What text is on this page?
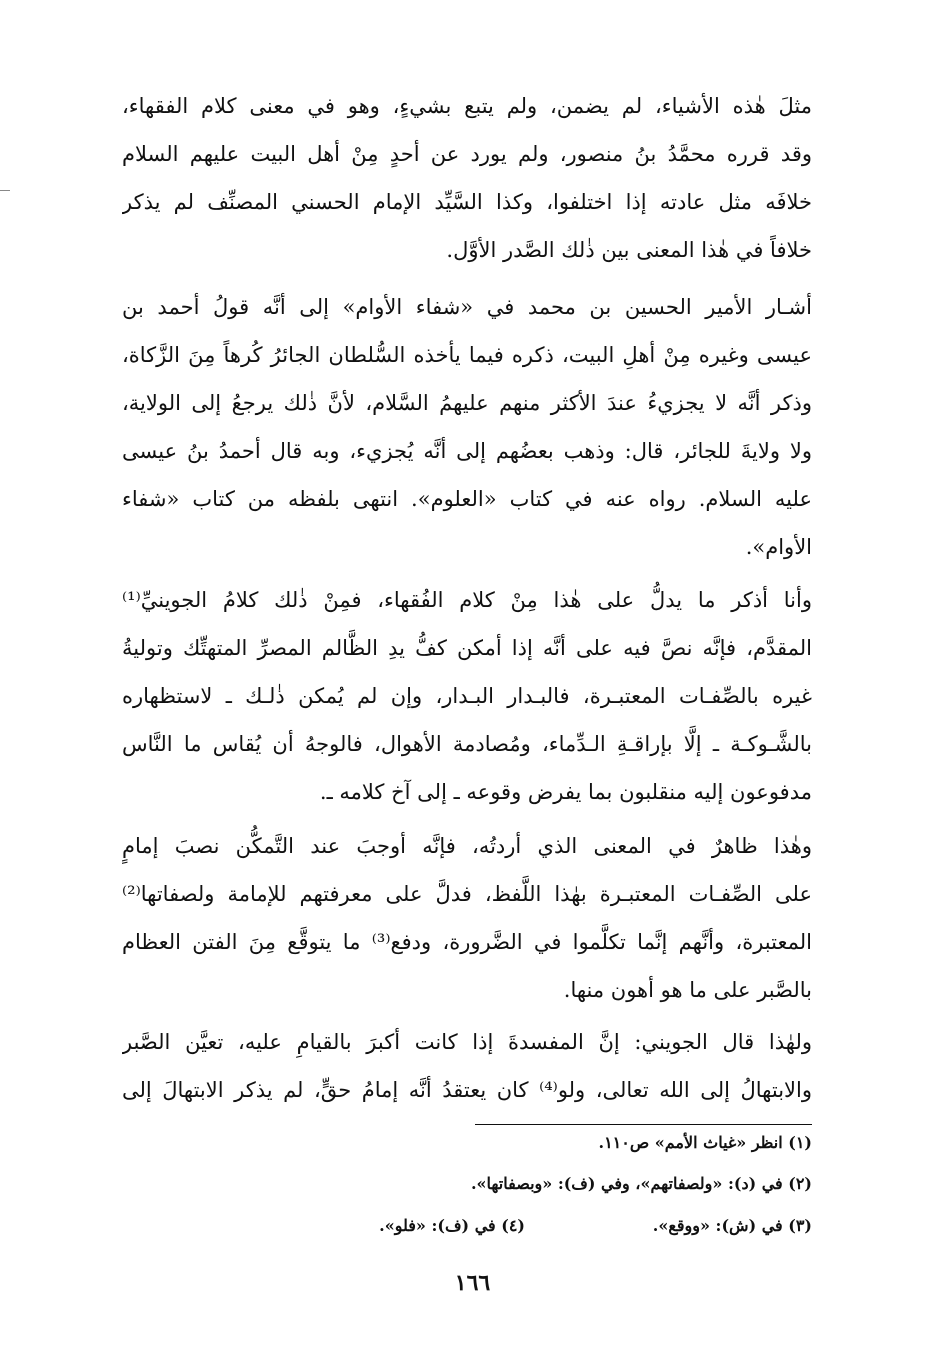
مثلَ هٰذه الأشياء، لم يضمن، ولم يتبع بشيءٍ، وهو في معنى كلام الفقهاء،
وقد قرره محمَّدُ بنُ منصور، ولم يورد عن أحدٍ مِنْ أهل البيت عليهم السلام
خلافَه مثل عادته إذا اختلفوا، وكذا السَّيِّد الإمام الحسني المصنِّف لم يذكر
خلافاً في هٰذا المعنى بين ذٰلك الصَّدر الأوَّل.
أشـار الأمير الحسين بن محمد في «شفاء الأوام» إلى أنَّه قولُ أحمد بن
عيسى وغيره مِنْ أهلِ البيت، ذكره فيما يأخذه السُّلطان الجائرُ كُرهاً مِنَ الزَّكاة،
وذكر أنَّه لا يجزيءُ عندَ الأكثر منهم عليهمُ السَّلام، لأنَّ ذٰلك يرجعُ إلى الولاية،
ولا ولايةَ للجائر، قال: وذهب بعضُهم إلى أنَّه يُجزيء، وبه قال أحمدُ بنُ عيسى
عليه السلام. رواه عنه في كتاب «العلوم». انتهى بلفظه من كتاب «شفاء
الأوام».
وأنا أذكر ما يدلُّ على هٰذا مِنْ كلام الفُقهاء، فمِنْ ذٰلك كلامُ الجوينيِّ⁽¹⁾
المقدَّم، فإنَّه نصَّ فيه على أنَّه إذا أمكن كفُّ يدِ الظَّالم المصرِّ المتهتِّك وتوليةُ
غيره بالصِّفـات المعتبـرة، فالبـدار البـدار، وإن لم يُمكن ذٰلـك ـ لاستظهاره
بالشَّـوكـة ـ إلَّا بإراقـةِ الـدِّماء، ومُصادمة الأهوال، فالوجهُ أن يُقاس ما النَّاس
مدفوعون إليه منقلبون بما يفرض وقوعه ـ إلى آخ كلامه ـ.
وهٰذا ظاهرٌ في المعنى الذي أردتُه، فإنَّه أوجبَ عند التَّمكُّن نصبَ إمامٍ
على الصِّفـات المعتبـرة بهٰذا اللَّفظ، فدلَّ على معرفتهم للإمامة ولصفاتها⁽²⁾
المعتبرة، وأنَّهم إنَّما تكلَّموا في الضَّرورة، ودفع⁽³⁾ ما يتوقَّع مِنَ الفتن العظام
بالصَّبر على ما هو أهون منها.
ولهٰذا قال الجويني: إنَّ المفسدةَ إذا كانت أكبرَ بالقيامِ عليه، تعيَّن الصَّبر
والابتهالُ إلى الله تعالى، ولو⁽⁴⁾ كان يعتقدُ أنَّه إمامُ حقٍّ، لم يذكر الابتهالَ إلى
(١) انظر «غياث الأمم» ص١١٠.
(٢) في (د): «ولصفاتهم»، وفي (ف): «وبصفاتها».
(٣) في (ش): «ووقع».
(٤) في (ف): «فلو».
١٦٦
